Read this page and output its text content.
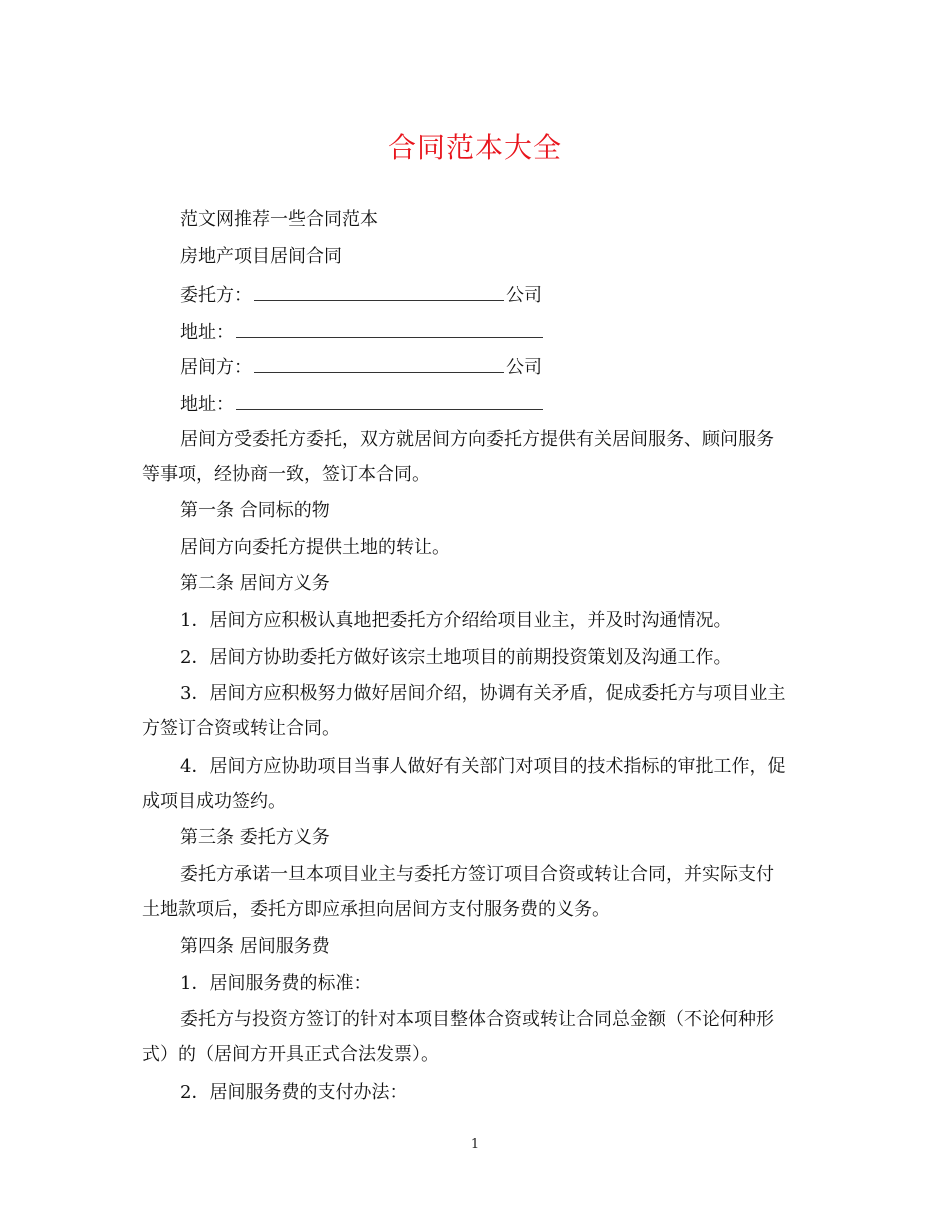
合同范本大全
范文网推荐一些合同范本
房地产项目居间合同
委托方：	公司
地址：
居间方：	公司
地址：
居间方受委托方委托，双方就居间方向委托方提供有关居间服务、顾问服务
等事项，经协商一致，签订本合同。
第一条 合同标的物
居间方向委托方提供土地的转让。
第二条 居间方义务
1．居间方应积极认真地把委托方介绍给项目业主，并及时沟通情况。
2．居间方协助委托方做好该宗土地项目的前期投资策划及沟通工作。
3．居间方应积极努力做好居间介绍，协调有关矛盾，促成委托方与项目业主
方签订合资或转让合同。
4．居间方应协助项目当事人做好有关部门对项目的技术指标的审批工作，促
成项目成功签约。
第三条 委托方义务
委托方承诺一旦本项目业主与委托方签订项目合资或转让合同，并实际支付
土地款项后，委托方即应承担向居间方支付服务费的义务。
第四条 居间服务费
1．居间服务费的标准：
委托方与投资方签订的针对本项目整体合资或转让合同总金额（不论何种形
式）的（居间方开具正式合法发票）。
2．居间服务费的支付办法：
1
